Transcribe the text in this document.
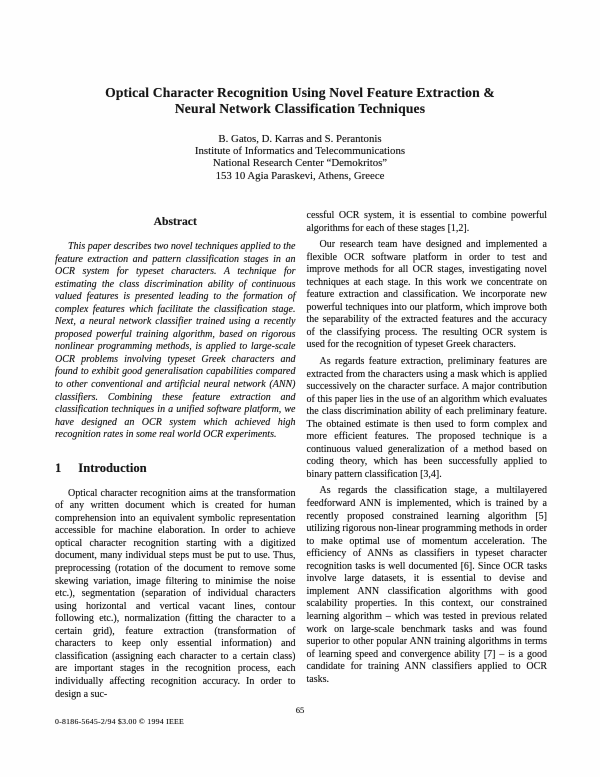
Optical Character Recognition Using Novel Feature Extraction &
Neural Network Classification Techniques
B. Gatos, D. Karras and S. Perantonis
Institute of Informatics and Telecommunications
National Research Center “Demokritos”
153 10 Agia Paraskevi, Athens, Greece
Abstract

This paper describes two novel techniques applied to the feature extraction and pattern classification stages in an OCR system for typeset characters. A technique for estimating the class discrimination ability of continuous valued features is presented leading to the formation of complex features which facilitate the classification stage. Next, a neural network classifier trained using a recently proposed powerful training algorithm, based on rigorous nonlinear programming methods, is applied to large-scale OCR problems involving typeset Greek characters and found to exhibit good generalisation capabilities compared to other conventional and artificial neural network (ANN) classifiers. Combining these feature extraction and classification techniques in a unified software platform, we have designed an OCR system which achieved high recognition rates in some real world OCR experiments.

1 Introduction

Optical character recognition aims at the transformation of any written document which is created for human comprehension into an equivalent symbolic representation accessible for machine elaboration. In order to achieve optical character recognition starting with a digitized document, many individual steps must be put to use. Thus, preprocessing (rotation of the document to remove some skewing variation, image filtering to minimise the noise etc.), segmentation (separation of individual characters using horizontal and vertical vacant lines, contour following etc.), normalization (fitting the character to a certain grid), feature extraction (transformation of characters to keep only essential information) and classification (assigning each character to a certain class) are important stages in the recognition process, each individually affecting recognition accuracy. In order to design a suc-

cessful OCR system, it is essential to combine powerful algorithms for each of these stages [1,2].

Our research team have designed and implemented a flexible OCR software platform in order to test and improve methods for all OCR stages, investigating novel techniques at each stage. In this work we concentrate on feature extraction and classification. We incorporate new powerful techniques into our platform, which improve both the separability of the extracted features and the accuracy of the classifying process. The resulting OCR system is used for the recognition of typeset Greek characters.

As regards feature extraction, preliminary features are extracted from the characters using a mask which is applied successively on the character surface. A major contribution of this paper lies in the use of an algorithm which evaluates the class discrimination ability of each preliminary feature. The obtained estimate is then used to form complex and more efficient features. The proposed technique is a continuous valued generalization of a method based on coding theory, which has been successfully applied to binary pattern classification [3,4].

As regards the classification stage, a multilayered feedforward ANN is implemented, which is trained by a recently proposed constrained learning algorithm [5] utilizing rigorous non-linear programming methods in order to make optimal use of momentum acceleration. The efficiency of ANNs as classifiers in typeset character recognition tasks is well documented [6]. Since OCR tasks involve large datasets, it is essential to devise and implement ANN classification algorithms with good scalability properties. In this context, our constrained learning algorithm – which was tested in previous related work on large-scale benchmark tasks and was found superior to other popular ANN training algorithms in terms of learning speed and convergence ability [7] – is a good candidate for training ANN classifiers applied to OCR tasks.

65
0-8186-5645-2/94 $3.00 © 1994 IEEE
